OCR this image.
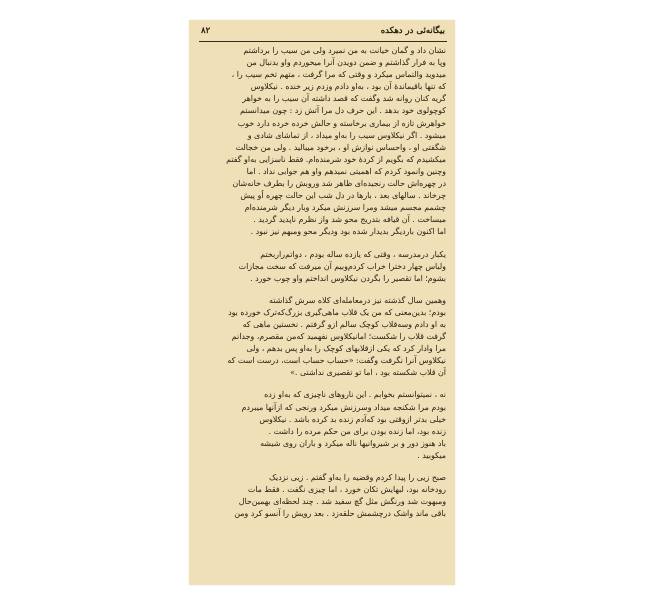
بیگانه‌ئی در دهکده
۸۲
نشان داد و گمان خیانت به من نمیرد ولی من سیب را برداشتم
وپا به فرار گذاشتم و ضمن دویدن آنرا میخوردم واو بدنبال من
میدوید والتماس میکرد و وقتی که مرا گرفت ، متهم تخم سیب را ،
که تنها باقیماندهٔ آن بود ، به‌او دادم وزدم زیر خنده . نیکلاوس
گریه کنان روانه شد وگفت که قصد داشته آن سیب را به خواهر
کوچولوی خود بدهد . این حرف دل مرا آتش زد : چون میدانستم
خواهرش تازه از بیماری برخاسته و حالش خرده خرده دارد خوب
میشود . اگر نیکلاوس سیب را به‌او میداد ، از تماشای شادی و
شگفتی او ، واحساس نوازش او ، برخود میبالید . ولی من خجالت
میکشیدم که بگویم از کردهٔ خود شرمنده‌ام. فقط ناسزایی به‌او گفتم
وچنین وانمود کردم که اهمیتی نمیدهم واو هم جوابی نداد . اما
در چهره‌اش حالت رنجیده‌ای ظاهر شد وروبش را بطرف خانه‌شان
چرخاند . سالهای بعد ، بارها در دل شب این حالت چهره‌ اُو پیش
چشمم مجسم میشد ومرا سرزنش میکرد وبار دیگر شرمنده‌ام
میساخت . آن قیافه بتدریج محو شد واز نظرم ناپدید گردید .
اما اکنون باردیگر بدیدار شده بود ودیگر محو ومبهم نیز نبود .
یکبار درمدرسه ، وقتی که یازده ساله بودم ، دواتم‌راربختم
ولباس چهار دخترا خراب کردم‌وبیم آن میرفت که سخت مجازات
بشوم؛ اما تقصیر را بگردن نیکلاوس انداختم واو چوب خورد .
وهمین سال گذشته نیز درمعامله‌ای کلاه سرش گذاشته
بودم؛ بدین‌معنی که من یک قلاب ماهی‌گیری بزرگ‌که‌ترک خورده بود
به او دادم وسه‌قلاب کوچک سالم ازو گرفتم . نخستین ماهی که
گرفت قلاب را شکست؛ امانیکلاوس نفهمید که‌من مقصرم، وجدانم
مرا وادار کرد که یکی ازقلابهای کوچک را به‌او پس بدهم ، ولی
نیکلاوس آنرا نگرفت وگفت: «حساب حساب است، درست است که
آن قلاب شکسته بود ، اما تو تقصیری نداشتی .»
نه ، نمیتوانستم بخوابم . این ناروهای ناچیزی که به‌او زده
بودم مرا شکنجه میداد وسرزنش میکرد ورنجی که ازآنها میبردم
خیلی بدتر ازوقتی بود که‌آدم زنده بد کرده باشد . نیکلاوس
زنده بود، اما زنده بودن برای من حکم مرده را داشت .
باد هنوز دور و بر شیروانیها ناله میکرد و باران روی شیشه
میکوبید .
صبح زیی را پیدا کردم وقضیه را به‌او گفتم . زیی نزدیک
رودخانه بود، لبهایش تکان خورد ، اما چیزی نگفت . فقط مات
ومبهوت شد ورنگش مثل گچ سفید شد . چند لحظه‌ای بهمین‌حال
باقی ماند واشک درچشمش حلقه‌زد . بعد رویش را آنسو کرد ومن
